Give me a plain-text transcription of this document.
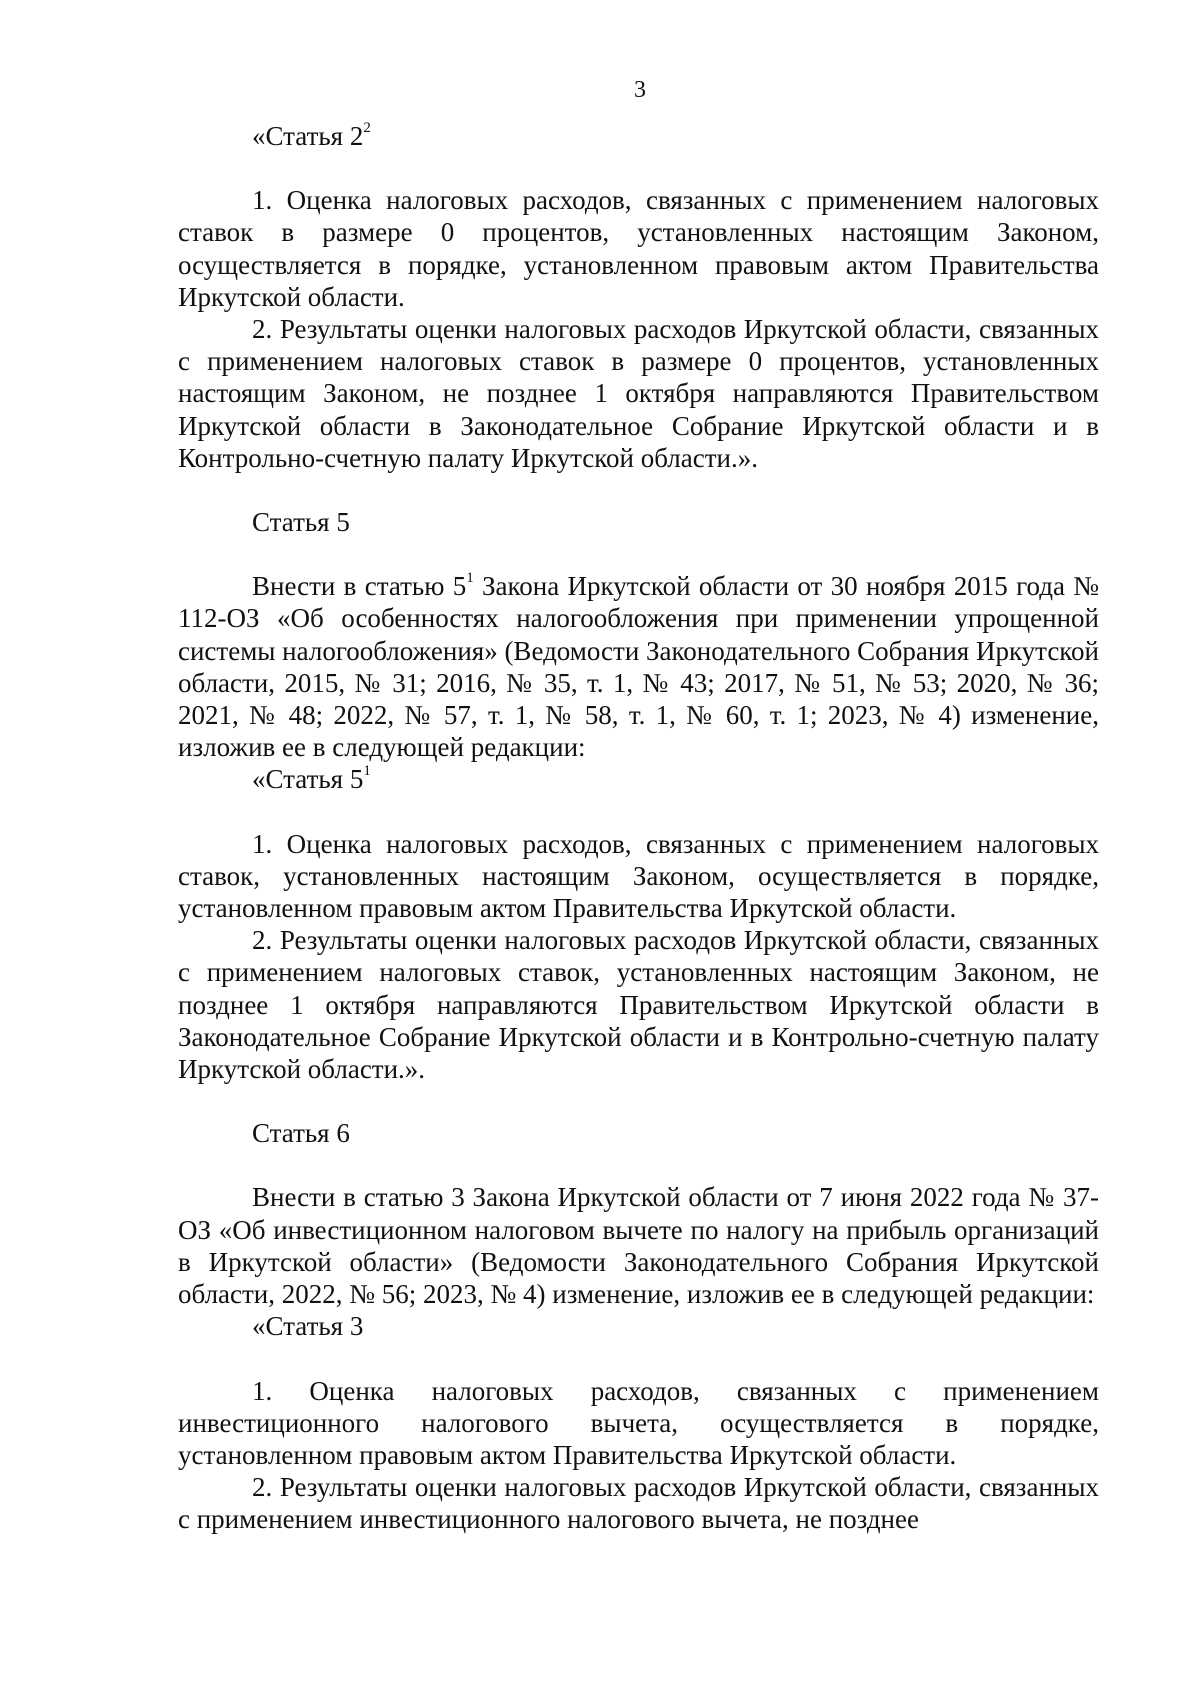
3

«Статья $2^2$

1. Оценка налоговых расходов, связанных с применением налоговых ставок в размере 0 процентов, установленных настоящим Законом, осуществляется в порядке, установленном правовым актом Правительства Иркутской области.

2. Результаты оценки налоговых расходов Иркутской области, связанных с применением налоговых ставок в размере 0 процентов, установленных настоящим Законом, не позднее 1 октября направляются Правительством Иркутской области в Законодательное Собрание Иркутской области и в Контрольно-счетную палату Иркутской области.».

Статья 5

Внести в статью $5^1$ Закона Иркутской области от 30 ноября 2015 года № 112-ОЗ «Об особенностях налогообложения при применении упрощенной системы налогообложения» (Ведомости Законодательного Собрания Иркутской области, 2015, № 31; 2016, № 35, т. 1, № 43; 2017, № 51, № 53; 2020, № 36; 2021, № 48; 2022, № 57, т. 1, № 58, т. 1, № 60, т. 1; 2023, № 4) изменение, изложив ее в следующей редакции:

«Статья $5^1$

1. Оценка налоговых расходов, связанных с применением налоговых ставок, установленных настоящим Законом, осуществляется в порядке, установленном правовым актом Правительства Иркутской области.

2. Результаты оценки налоговых расходов Иркутской области, связанных с применением налоговых ставок, установленных настоящим Законом, не позднее 1 октября направляются Правительством Иркутской области в Законодательное Собрание Иркутской области и в Контрольно-счетную палату Иркутской области.».

Статья 6

Внести в статью 3 Закона Иркутской области от 7 июня 2022 года № 37-ОЗ «Об инвестиционном налоговом вычете по налогу на прибыль организаций в Иркутской области» (Ведомости Законодательного Собрания Иркутской области, 2022, № 56; 2023, № 4) изменение, изложив ее в следующей редакции:

«Статья 3

1. Оценка налоговых расходов, связанных с применением инвестиционного налогового вычета, осуществляется в порядке, установленном правовым актом Правительства Иркутской области.

2. Результаты оценки налоговых расходов Иркутской области, связанных с применением инвестиционного налогового вычета, не позднее
